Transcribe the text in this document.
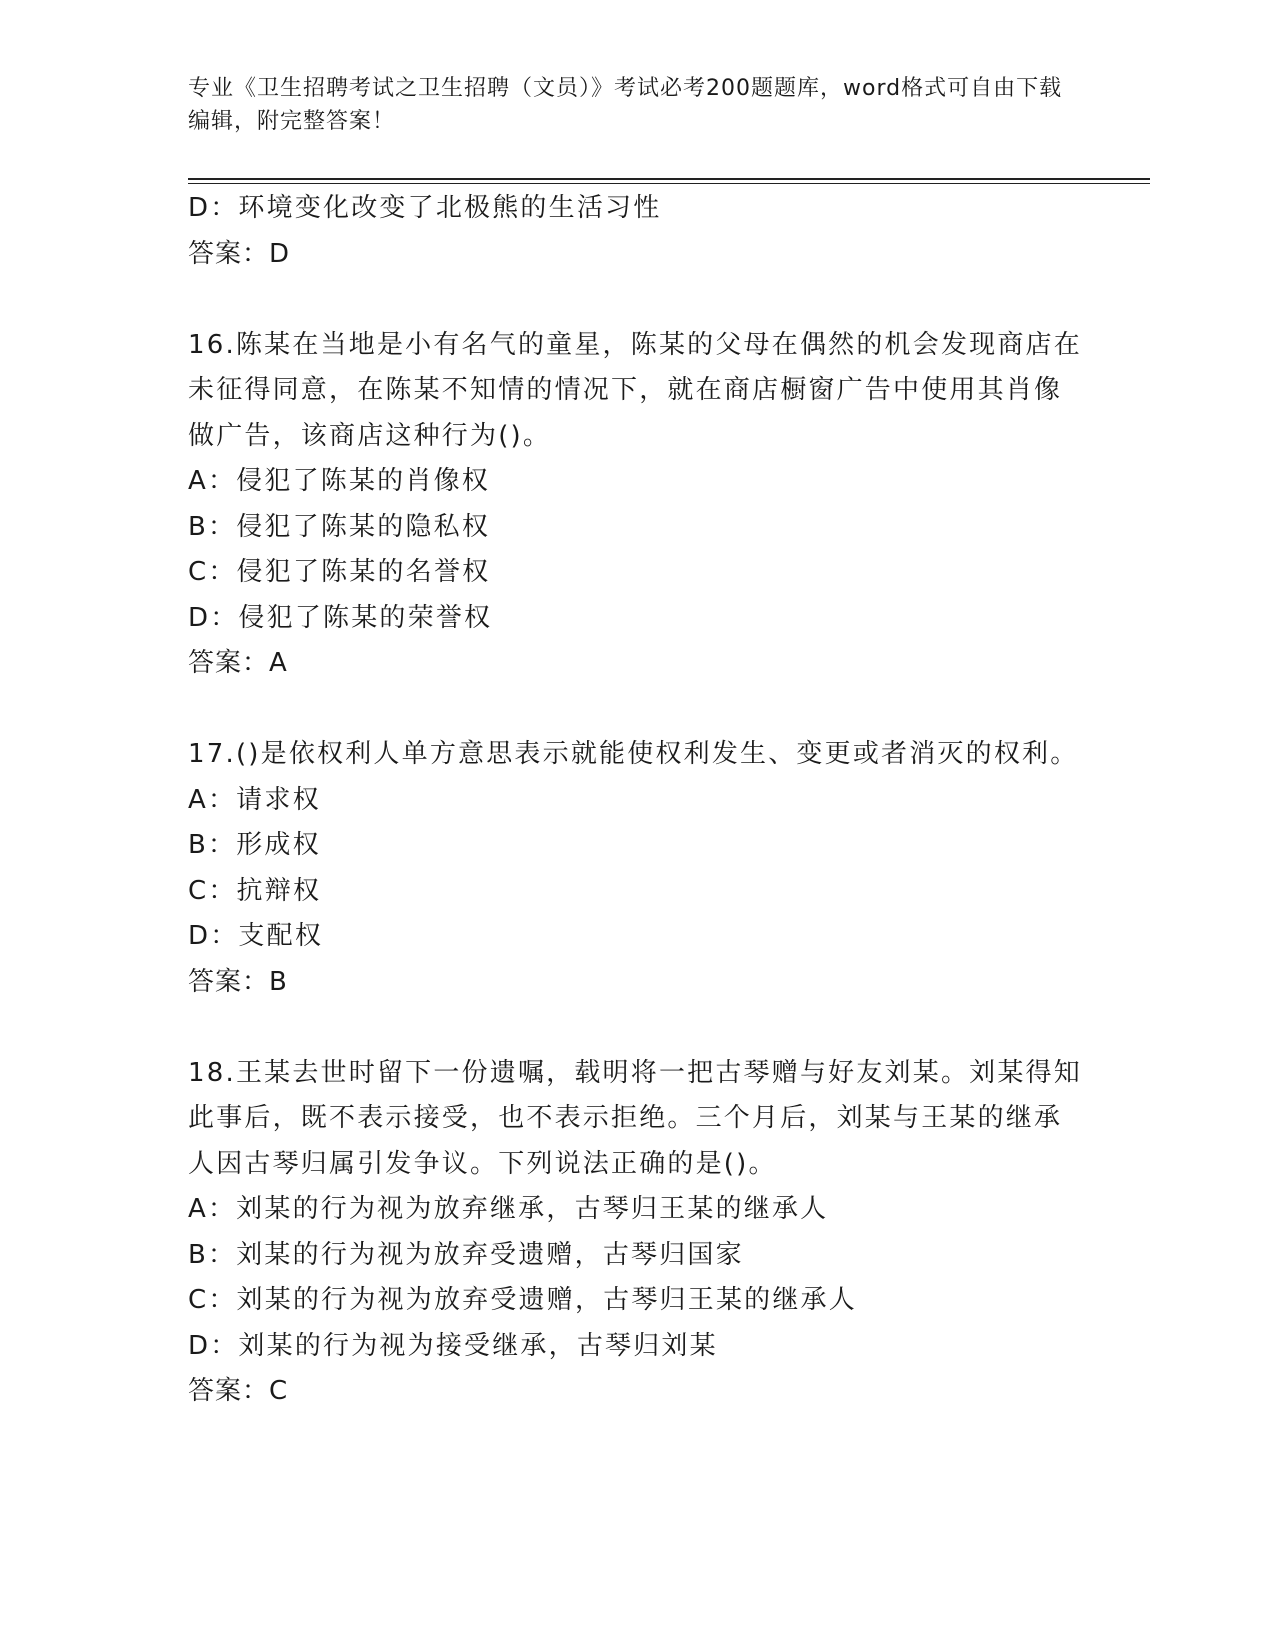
专业《卫生招聘考试之卫生招聘（文员）》考试必考200题题库，word格式可自由下载编辑，附完整答案！
D：环境变化改变了北极熊的生活习性
答案：D
16.陈某在当地是小有名气的童星，陈某的父母在偶然的机会发现商店在未征得同意，在陈某不知情的情况下，就在商店橱窗广告中使用其肖像做广告，该商店这种行为()。
A：侵犯了陈某的肖像权
B：侵犯了陈某的隐私权
C：侵犯了陈某的名誉权
D：侵犯了陈某的荣誉权
答案：A
17.()是依权利人单方意思表示就能使权利发生、变更或者消灭的权利。
A：请求权
B：形成权
C：抗辩权
D：支配权
答案：B
18.王某去世时留下一份遗嘱，载明将一把古琴赠与好友刘某。刘某得知此事后，既不表示接受，也不表示拒绝。三个月后，刘某与王某的继承人因古琴归属引发争议。下列说法正确的是()。
A：刘某的行为视为放弃继承，古琴归王某的继承人
B：刘某的行为视为放弃受遗赠，古琴归国家
C：刘某的行为视为放弃受遗赠，古琴归王某的继承人
D：刘某的行为视为接受继承，古琴归刘某
答案：C
